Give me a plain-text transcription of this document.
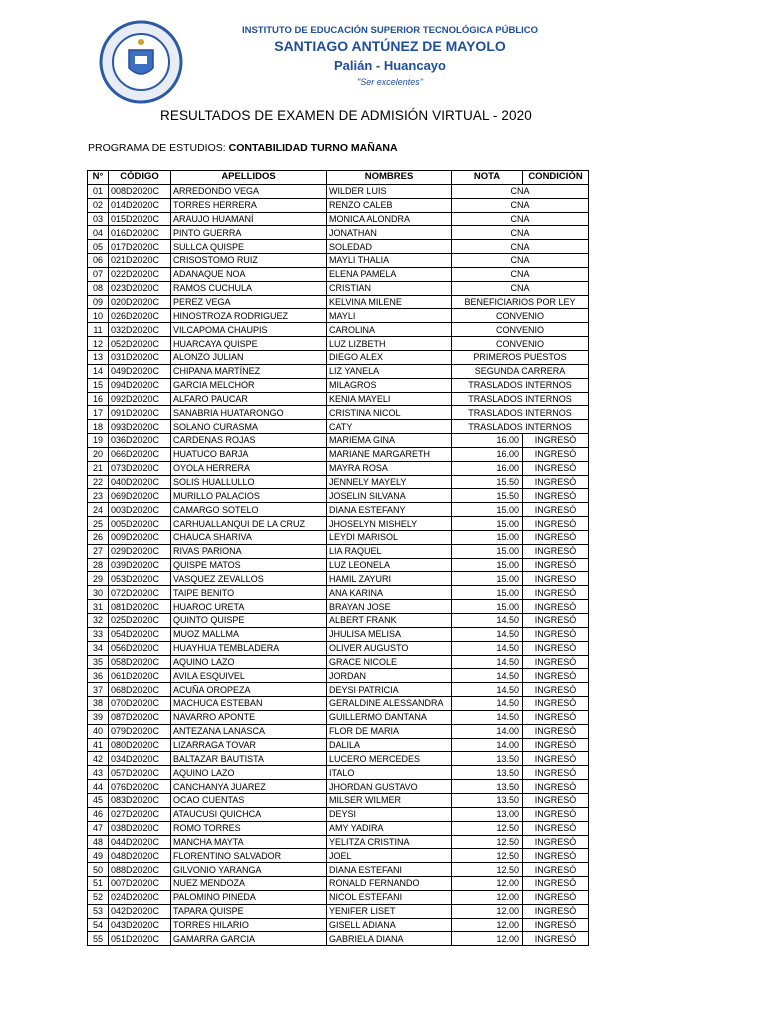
INSTITUTO DE EDUCACIÓN SUPERIOR TECNOLÓGICA PÚBLICO
SANTIAGO ANTÚNEZ DE MAYOLO
Palián - Huancayo
"Ser excelentes"
RESULTADOS DE EXAMEN DE ADMISIÓN VIRTUAL - 2020
PROGRAMA DE ESTUDIOS: CONTABILIDAD TURNO MAÑANA
N°	CÓDIGO	APELLIDOS	NOMBRES	NOTA	CONDICIÓN
01	008D2020C	ARREDONDO VEGA	WILDER LUIS	CNA	
02	014D2020C	TORRES HERRERA	RENZO CALEB	CNA	
03	015D2020C	ARAUJO HUAMANÍ	MONICA ALONDRA	CNA	
04	016D2020C	PINTO GUERRA	JONATHAN	CNA	
05	017D2020C	SULLCA QUISPE	SOLEDAD	CNA	
06	021D2020C	CRISOSTOMO RUIZ	MAYLI THALIA	CNA	
07	022D2020C	ADANAQUE NOA	ELENA PAMELA	CNA	
08	023D2020C	RAMOS CUCHULA	CRISTIAN	CNA	
09	020D2020C	PEREZ VEGA	KELVINA MILENE	BENEFICIARIOS POR LEY	
10	026D2020C	HINOSTROZA RODRIGUEZ	MAYLI	CONVENIO	
11	032D2020C	VILCAPOMA CHAUPIS	CAROLINA	CONVENIO	
12	052D2020C	HUARCAYA QUISPE	LUZ LIZBETH	CONVENIO	
13	031D2020C	ALONZO JULIAN	DIEGO ALEX	PRIMEROS PUESTOS	
14	049D2020C	CHIPANA MARTÍNEZ	LIZ YANELA	SEGUNDA CARRERA	
15	094D2020C	GARCIA MELCHOR	MILAGROS	TRASLADOS INTERNOS	
16	092D2020C	ALFARO PAUCAR	KENIA MAYELI	TRASLADOS INTERNOS	
17	091D2020C	SANABRIA HUATARONGO	CRISTINA NICOL	TRASLADOS INTERNOS	
18	093D2020C	SOLANO CURASMA	CATY	TRASLADOS INTERNOS	
19	036D2020C	CARDENAS ROJAS	MARIEMA GINA	16.00	INGRESÓ
20	066D2020C	HUATUCO BARJA	MARIANE MARGARETH	16.00	INGRESÓ
21	073D2020C	OYOLA HERRERA	MAYRA ROSA	16.00	INGRESÓ
22	040D2020C	SOLIS HUALLULLO	JENNELY MAYELY	15.50	INGRESÓ
23	069D2020C	MURILLO PALACIOS	JOSELIN SILVANA	15.50	INGRESÓ
24	003D2020C	CAMARGO SOTELO	DIANA ESTEFANY	15.00	INGRESÓ
25	005D2020C	CARHUALLANQUI DE LA CRUZ	JHOSELYN MISHELY	15.00	INGRESÓ
26	009D2020C	CHAUCA SHARIVA	LEYDI MARISOL	15.00	INGRESÓ
27	029D2020C	RIVAS PARIONA	LIA RAQUEL	15.00	INGRESÓ
28	039D2020C	QUISPE MATOS	LUZ LEONELA	15.00	INGRESÓ
29	053D2020C	VASQUEZ ZEVALLOS	HAMIL ZAYURI	15.00	INGRESO
30	072D2020C	TAIPE BENITO	ANA KARINA	15.00	INGRESÓ
31	081D2020C	HUAROC URETA	BRAYAN JOSE	15.00	INGRESÓ
32	025D2020C	QUINTO QUISPE	ALBERT FRANK	14.50	INGRESÓ
33	054D2020C	MUOZ MALLMA	JHULISA MELISA	14.50	INGRESÓ
34	056D2020C	HUAYHUA TEMBLADERA	OLIVER AUGUSTO	14.50	INGRESÓ
35	058D2020C	AQUINO LAZO	GRACE NICOLE	14.50	INGRESÓ
36	061D2020C	AVILA ESQUIVEL	JORDAN	14.50	INGRESÓ
37	068D2020C	ACUÑA OROPEZA	DEYSI PATRICIA	14.50	INGRESÓ
38	070D2020C	MACHUCA ESTEBAN	GERALDINE ALESSANDRA	14.50	INGRESÓ
39	087D2020C	NAVARRO APONTE	GUILLERMO DANTANA	14.50	INGRESÓ
40	079D2020C	ANTEZANA LANASCA	FLOR DE MARIA	14.00	INGRESÓ
41	080D2020C	LIZARRAGA TOVAR	DALILA	14.00	INGRESÓ
42	034D2020C	BALTAZAR BAUTISTA	LUCERO MERCEDES	13.50	INGRESÓ
43	057D2020C	AQUINO LAZO	ITALO	13.50	INGRESÓ
44	076D2020C	CANCHANYA JUAREZ	JHORDAN GUSTAVO	13.50	INGRESÓ
45	083D2020C	OCAO CUENTAS	MILSER WILMER	13.50	INGRESÓ
46	027D2020C	ATAUCUSI QUICHCA	DEYSI	13.00	INGRESÓ
47	038D2020C	ROMO TORRES	AMY YADIRA	12.50	INGRESÓ
48	044D2020C	MANCHA MAYTA	YELITZA CRISTINA	12.50	INGRESÓ
49	048D2020C	FLORENTINO SALVADOR	JOEL	12.50	INGRESÓ
50	088D2020C	GILVONIO YARANGA	DIANA ESTEFANI	12.50	INGRESÓ
51	007D2020C	NUEZ MENDOZA	RONALD FERNANDO	12.00	INGRESÓ
52	024D2020C	PALOMINO PINEDA	NICOL ESTEFANI	12.00	INGRESÓ
53	042D2020C	TAPARA QUISPE	YENIFER LISET	12.00	INGRESÓ
54	043D2020C	TORRES HILARIO	GISELL ADIANA	12.00	INGRESÓ
55	051D2020C	GAMARRA GARCIA	GABRIELA DIANA	12.00	INGRESÓ
